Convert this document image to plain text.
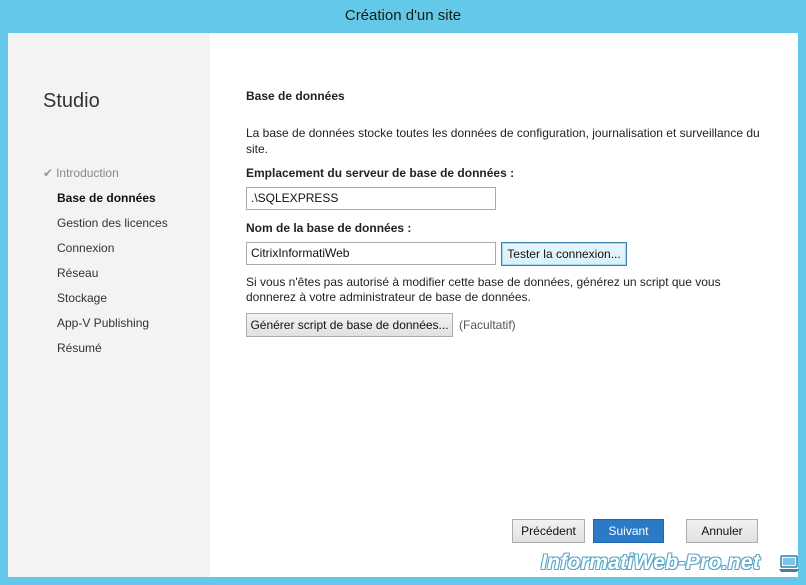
Création d'un site
Studio
✔ Introduction
Base de données
Gestion des licences
Connexion
Réseau
Stockage
App-V Publishing
Résumé
Base de données
La base de données stocke toutes les données de configuration, journalisation et surveillance du site.
Emplacement du serveur de base de données :
.\SQLEXPRESS
Nom de la base de données :
CitrixInformatiWeb	Tester la connexion...
Si vous n'êtes pas autorisé à modifier cette base de données, générez un script que vous donnerez à votre administrateur de base de données.
Générer script de base de données... (Facultatif)
Précédent	Suivant	Annuler
InformatiWeb-Pro.net
